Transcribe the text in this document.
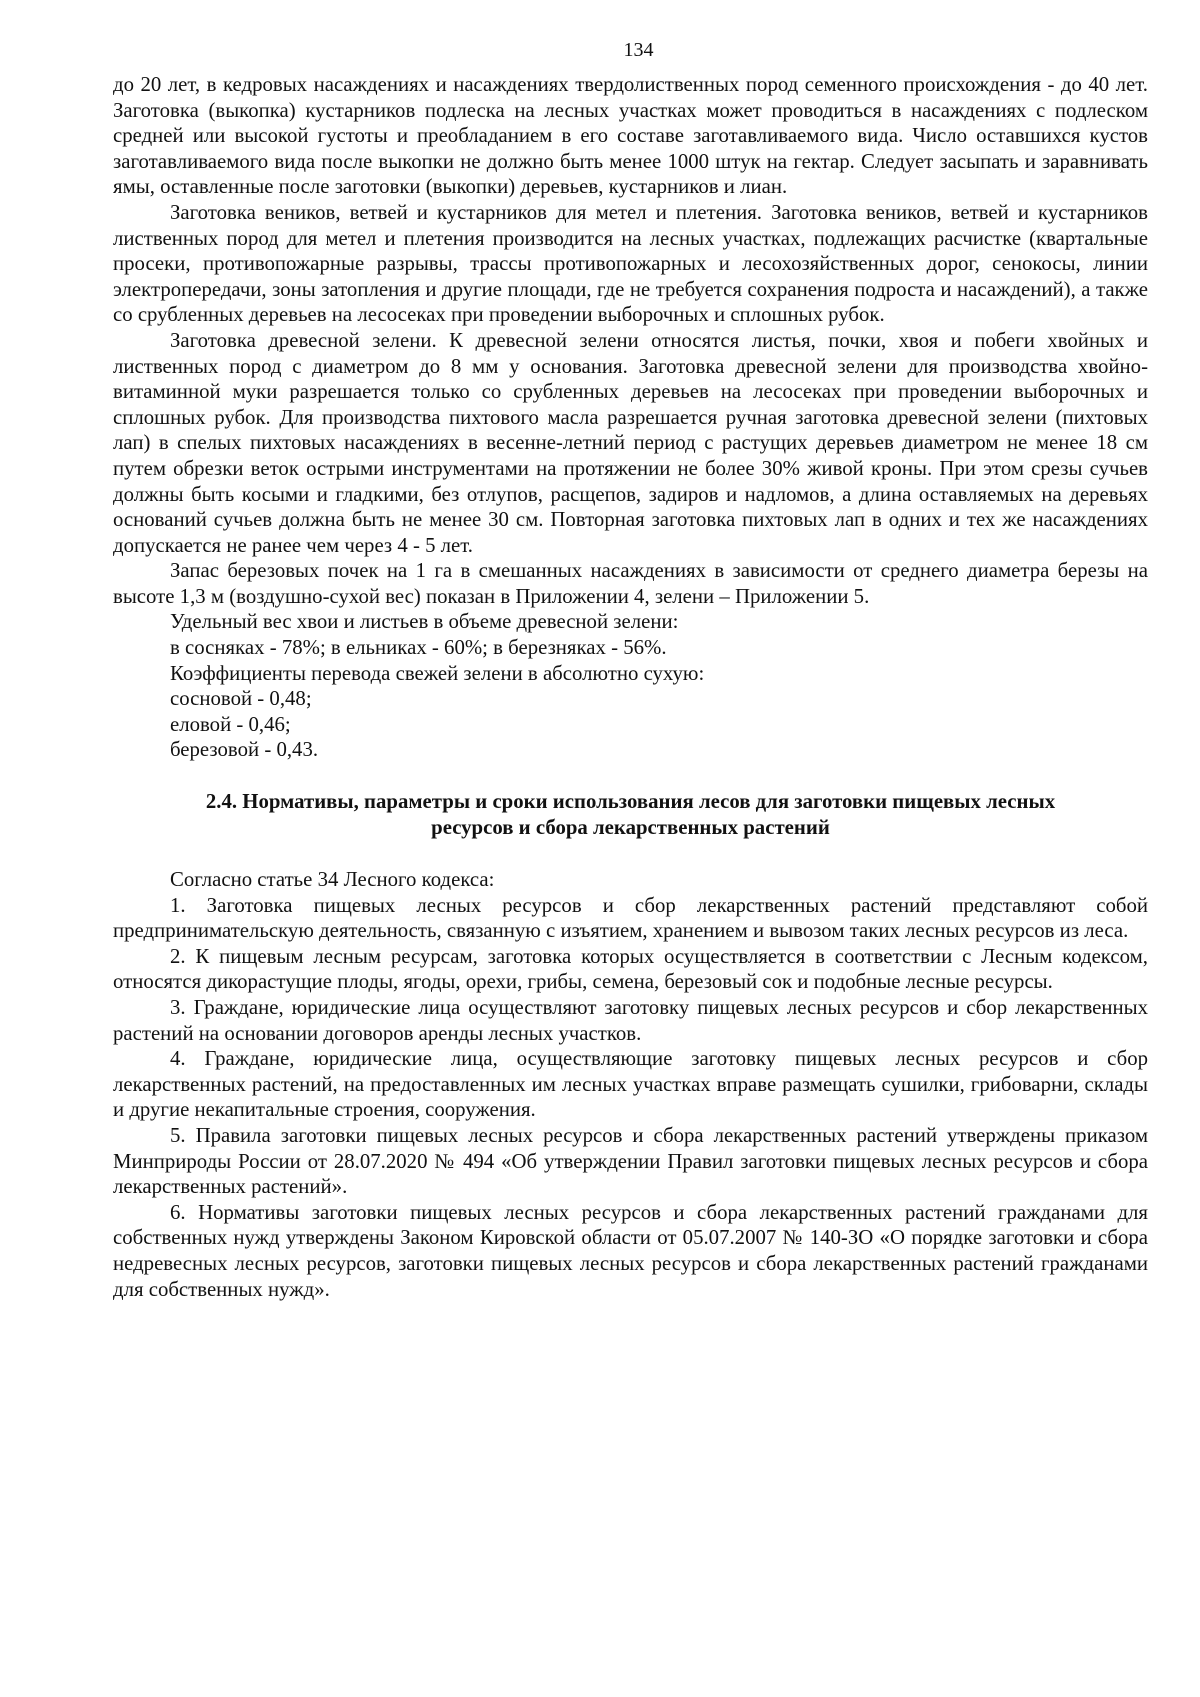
134

до 20 лет, в кедровых насаждениях и насаждениях твердолиственных пород семенного происхождения - до 40 лет. Заготовка (выкопка) кустарников подлеска на лесных участках может проводиться в насаждениях с подлеском средней или высокой густоты и преобладанием в его составе заготавливаемого вида. Число оставшихся кустов заготавливаемого вида после выкопки не должно быть менее 1000 штук на гектар. Следует засыпать и заравнивать ямы, оставленные после заготовки (выкопки) деревьев, кустарников и лиан.

Заготовка веников, ветвей и кустарников для метел и плетения. Заготовка веников, ветвей и кустарников лиственных пород для метел и плетения производится на лесных участках, подлежащих расчистке (квартальные просеки, противопожарные разрывы, трассы противопожарных и лесохозяйственных дорог, сенокосы, линии электропередачи, зоны затопления и другие площади, где не требуется сохранения подроста и насаждений), а также со срубленных деревьев на лесосеках при проведении выборочных и сплошных рубок.

Заготовка древесной зелени. К древесной зелени относятся листья, почки, хвоя и побеги хвойных и лиственных пород с диаметром до 8 мм у основания. Заготовка древесной зелени для производства хвойно-витаминной муки разрешается только со срубленных деревьев на лесосеках при проведении выборочных и сплошных рубок. Для производства пихтового масла разрешается ручная заготовка древесной зелени (пихтовых лап) в спелых пихтовых насаждениях в весенне-летний период с растущих деревьев диаметром не менее 18 см путем обрезки веток острыми инструментами на протяжении не более 30% живой кроны. При этом срезы сучьев должны быть косыми и гладкими, без отлупов, расщепов, задиров и надломов, а длина оставляемых на деревьях оснований сучьев должна быть не менее 30 см. Повторная заготовка пихтовых лап в одних и тех же насаждениях допускается не ранее чем через 4 - 5 лет.

Запас березовых почек на 1 га в смешанных насаждениях в зависимости от среднего диаметра березы на высоте 1,3 м (воздушно-сухой вес) показан в Приложении 4, зелени – Приложении 5.

Удельный вес хвои и листьев в объеме древесной зелени:

в сосняках - 78%; в ельниках - 60%; в березняках - 56%.

Коэффициенты перевода свежей зелени в абсолютно сухую:

сосновой - 0,48;

еловой - 0,46;

березовой - 0,43.

2.4. Нормативы, параметры и сроки использования лесов для заготовки пищевых лесных
ресурсов и сбора лекарственных растений

Согласно статье 34 Лесного кодекса:

1. Заготовка пищевых лесных ресурсов и сбор лекарственных растений представляют собой предпринимательскую деятельность, связанную с изъятием, хранением и вывозом таких лесных ресурсов из леса.

2. К пищевым лесным ресурсам, заготовка которых осуществляется в соответствии с Лесным кодексом, относятся дикорастущие плоды, ягоды, орехи, грибы, семена, березовый сок и подобные лесные ресурсы.

3. Граждане, юридические лица осуществляют заготовку пищевых лесных ресурсов и сбор лекарственных растений на основании договоров аренды лесных участков.

4. Граждане, юридические лица, осуществляющие заготовку пищевых лесных ресурсов и сбор лекарственных растений, на предоставленных им лесных участках вправе размещать сушилки, грибоварни, склады и другие некапитальные строения, сооружения.

5. Правила заготовки пищевых лесных ресурсов и сбора лекарственных растений утверждены приказом Минприроды России от 28.07.2020 № 494 «Об утверждении Правил заготовки пищевых лесных ресурсов и сбора лекарственных растений».

6. Нормативы заготовки пищевых лесных ресурсов и сбора лекарственных растений гражданами для собственных нужд утверждены Законом Кировской области от 05.07.2007 № 140-ЗО «О порядке заготовки и сбора недревесных лесных ресурсов, заготовки пищевых лесных ресурсов и сбора лекарственных растений гражданами для собственных нужд».
